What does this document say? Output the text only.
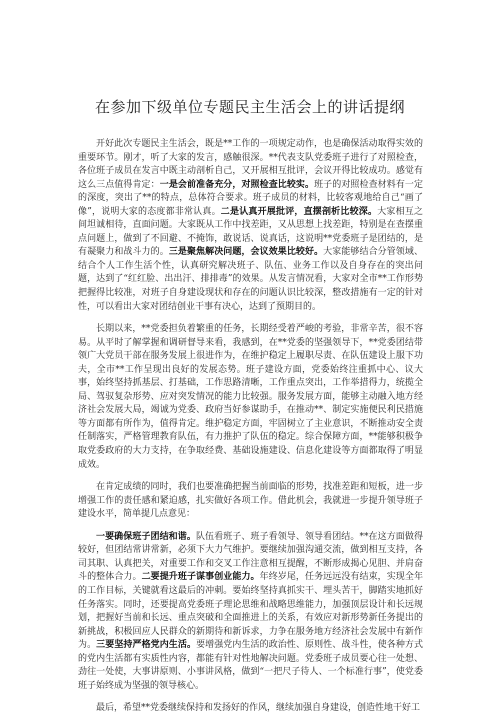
在参加下级单位专题民主生活会上的讲话提纲

开好此次专题民主生活会，既是**工作的一项规定动作，也是确保活动取得实效的重要环节。刚才，听了大家的发言，感触很深。**代表支队党委班子进行了对照检查，各位班子成员在发言中既主动剖析自己，又开展相互批评，会议开得比较成功。感觉有这么三点值得肯定：一是会前准备充分，对照检查比较实。班子的对照检查材料有一定的深度，突出了**的特点，总体符合要求。班子成员的材料，比较客观地给自己“画了像”，说明大家的态度都非常认真。二是认真开展批评，直摆剖析比较深。大家相互之间坦诚相待，直面问题。大家既从工作中找差距，又从思想上找差距，特别是在查摆重点问题上，做到了不回避、不掩饰，敢说话、说真话，这说明**党委班子是团结的，是有凝聚力和战斗力的。三是聚焦解决问题，会议效果比较好。大家能够结合分管领域、结合个人工作生活个性，认真研究解决班子、队伍、业务工作以及自身存在的突出问题，达到了“红红脸、出出汗、排排毒”的效果。从发言情况看，大家对全市**工作形势把握得比较准，对班子自身建设现状和存在的问题认识比较深，整改措施有一定的针对性，可以看出大家对团结创业干事有决心，达到了预期目的。

长期以来，**党委担负着繁重的任务，长期经受着严峻的考验，非常辛苦，很不容易。从平时了解掌握和调研督导来看，我感到，在**党委的坚强领导下，**党委团结带领广大党员干部在服务发展上很进作为，在维护稳定上履职尽责、在队伍建设上服下功夫，全市**工作呈现出良好的发展态势。班子建设方面，党委始终注重抓中心、议大事，始终坚持抓基层、打基础，工作思路清晰，工作重点突出，工作举措得力，统揽全局、驾驭复杂形势、应对突发情况的能力比较强。服务发展方面，能够主动融入地方经济社会发展大局，竭诚为党委、政府当好参谋助手，在推动**、制定实施便民利民措施等方面都有所作为，值得肯定。维护稳定方面，牢固树立了主业意识，不断推动安全责任制落实，严格管理教育队伍，有力推护了队伍的稳定。综合保障方面，**能够积极争取党委政府的大力支持，在争取经费、基础设施建设、信息化建设等方面都取得了明显成效。

在肯定成绩的同时，我们也要准确把握当前面临的形势，找准差距和短板，进一步增强工作的责任感和紧迫感，扎实做好各项工作。借此机会，我就进一步提升领导班子建设水平，简单提几点意见：

一要确保班子团结和谐。队伍看班子、班子看领导、领导看团结。**在这方面做得较好，但团结常讲常新，必须下大力气维护。要继续加强沟通交流，做到相互支持，各司其职、认真把关，对重要工作和交叉工作注意相互提醒，不断形成揭心见胆、并肩奋斗的整体合力。二要提升班子谋事创业能力。年终岁尾，任务远远没有结束，实现全年的工作目标，关键就看这最后的冲刺。要始终坚持真抓实干、埋头苦干，脚踏实地抓好任务落实。同时，还要提高党委班子理论思维和战略思维能力，加强顶层设计和长远规划，把握好当前和长远、重点突破和全面推进上的关系，有效应对新形势新任务提出的新挑战，积极回应人民群众的新期待和新诉求，力争在服务地方经济社会发展中有新作为。三要坚持严格党内生活。要增强党内生活的政治性、原则性、战斗性，使各种方式的党内生活都有实质性内容，都能有针对性地解决问题。党委班子成员要心往一处想、劲往一处使，大事讲原则、小事讲风格，做到“一把尺子待人、一个标准行事”，使党委班子始终成为坚强的领导核心。

最后，希望**党委继续保持和发扬好的作风，继续加强自身建设，创造性地干好工
